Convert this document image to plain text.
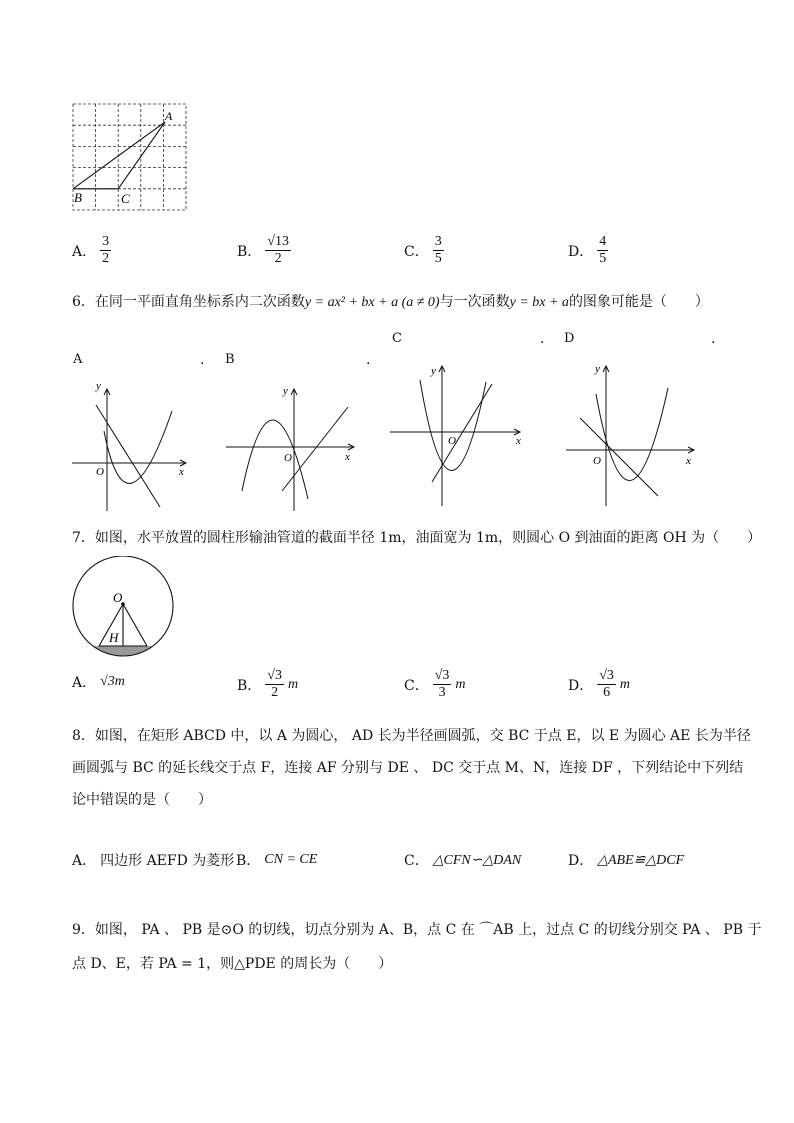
A
B	C
A． $\frac{3}{2}$	B． $\frac{√13}{2}$	C． $\frac{3}{5}$	D． $\frac{4}{5}$
6．在同一平面直角坐标系内二次函数y = ax² + bx + a (a ≠ 0)与一次函数y = bx + a的图象可能是（　　）
C	. D	.
A	. B	.
y
x
O
y
x
O
y
x
O
y
x
O
7．如图，水平放置的圆柱形输油管道的截面半径 1m，油面宽为 1m，则圆心 O 到油面的距离 OH 为（　　）
O
H
A． √3m	B． $\frac{√3}{2}$ m	C． $\frac{√3}{3}$ m	D． $\frac{√3}{6}$ m
8．如图，在矩形 ABCD 中，以 A 为圆心， AD 长为半径画圆弧，交 BC 于点 E，以 E 为圆心 AE 长为半径
画圆弧与 BC 的延长线交于点 F，连接 AF 分别与 DE 、 DC 交于点 M、N，连接 DF ，下列结论中下列结
论中错误的是（　　）
A． 四边形 AEFD 为菱形 B． CN = CE	C． △CFN∽△DAN	D． △ABE≌△DCF
9．如图， PA 、 PB 是⊙O 的切线，切点分别为 A、B，点 C 在 ⌒AB 上，过点 C 的切线分别交 PA 、 PB 于
点 D、E，若 PA = 1，则△PDE 的周长为（　　）
